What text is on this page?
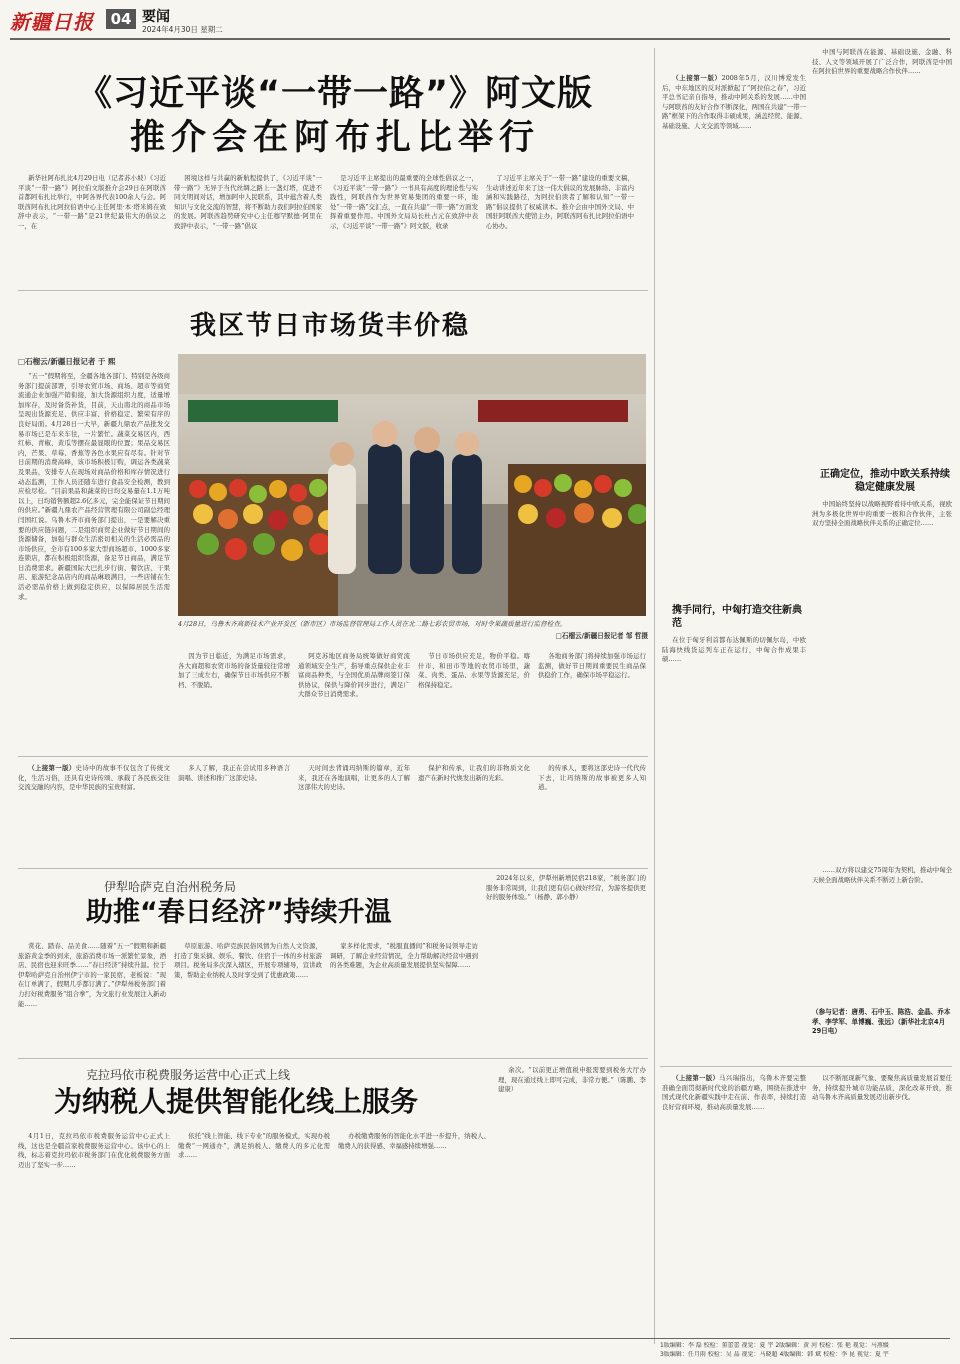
新疆日报	04 要闻
2024年4月30日 星期二
《习近平谈“一带一路”》阿文版
推介会在阿布扎比举行

新华社阿布扎比4月29日电（记者苏小坡）《习近平谈“一带一路”》阿拉伯文版推介会29日在阿联酋首都阿布扎比举行，中阿各界代表100余人与会。阿联酋阿布扎比阿拉伯语中心主任阿里·本·塔米姆在致辞中表示，“一带一路”是21世纪最伟大的倡议之一，在

困境这样与共赢的新航程提供了，《习近平谈“一带一路”》无异于当代丝绸之路上一盏灯塔，促进不同文明间对话，增加阿中人民联系，其中蕴含着人类知识与文化交流的智慧，将不断助力我们阿拉伯国家的发展。阿联酋趋势研究中心主任穆罕默德·阿里在致辞中表示，“一带一路”倡议

是习近平主席提出的最重要的全球性倡议之一，《习近平谈“一带一路”》一书具有高度的理论性与实践性，阿联酋作为世界贸易集团的重要一环，地处“一带一路”交汇点，一直在共建“一带一路”方面发挥着重要作用。中国外文局局长杜占元在致辞中表示，《习近平谈“一带一路”》阿文版，收录

了习近平主席关于“一带一路”建设的重要文稿，生动讲述近年来了这一伟大倡议的发展脉络、丰富内涵和实践路径，为阿拉伯读者了解和认知“一带一路”倡议提供了权威读本。推介会由中国外文局、中国驻阿联酋大使馆主办，阿联酋阿布扎比阿拉伯语中心协办。

我区节日市场货丰价稳
□石榴云/新疆日报记者 于 熙

“五一”假期将至，全疆各地各部门、特别是各级商务部门提前部署，引导农贸市场、商场、超市等商贸流通企业加强产销衔接，加大货源组织力度，适量增加库存，及时备货补货，目前，天山南北的商品市场呈现出货源充足、供应丰富、价格稳定、繁荣有序的良好局面。4月28日一大早，新疆九鼎农产品批发交易市场已是车来车往，一片繁忙。蔬菜交易区内，西红柿、青椒、黄瓜等摆在最显眼的位置；果品交易区内，芒果、草莓、香蕉等各色水果应有尽有。针对节日前期的消费高峰，该市场积极订购，调运各类蔬菜及果品，安排专人在现场对商品价格和库存情况进行动态监测，工作人员还随车进行食品安全检测，教到应检尽检。“目前果品和蔬菜的日均交易量在1.1万吨以上，日均销售额超2.6亿多元，完全能保证节日期间的供应。”新疆九鼎农产品经营管理有限公司副总经理闫国红说。乌鲁木齐市商务部门提出，一是要解决重要的供应链问题，二是组织商贸企业做好节日期间的货源储备，加强与群众生活密切相关的生活必需品的市场供应，全市有100多家大型商场超市、1000多家连锁店，都在积极组织货源，备足节日商品，满足节日消费需求。新疆国际大巴扎步行街、餐饮店、干果店、旅游纪念品店内的商品琳琅满目，一些店铺在生活必需品价格上做到稳定供应，以保障居民生活需求。

4月28日，乌鲁木齐高新技术产业开发区（新市区）市场监督管理局工作人员在北二路七彩农贸市场，对时令果蔬质量进行监督检查。
□石榴云/新疆日报记者 邹 哲摄

因为节日临近，为满足市场需求，各大商超和农贸市场的备货量较往常增加了三成左右，确保节日市场供应不断档、不脱销。

阿克苏地区商务局统筹做好商贸流通领域安全生产，指导重点保供企业丰富商品种类，与全国优质品牌商签订保供协议，保供与降价同步进行，满足广大群众节日消费需求。

节日市场供应充足，物价平稳。喀什市、和田市等地的农贸市场里，蔬菜、肉类、蛋品、水果等货源充足，价格保持稳定。

各地商务部门将持续加强市场运行监测，做好节日期间重要民生商品保供稳价工作，确保市场平稳运行。

（上接第一版）史诗中的故事不仅包含了传统文化，生活习俗，还具有史诗传颂、承载了各民族交往交流交融的内容，是中华民族的宝贵财富。

多人了解，我正在尝试用多种语言演唱、讲述和推广这部史诗。

天时间去背诵玛纳斯的篇章，近年来，我还在各地演唱，让更多的人了解这部伟大的史诗。

保护和传承，让我们的非物质文化遗产在新时代焕发出新的光彩。

的传承人，要将这部史诗一代代传下去，让玛纳斯的故事被更多人知道。

伊犁哈萨克自治州税务局
助推“春日经济”持续升温

赏花、踏春、品美食……随着“五一”假期和新疆旅游黄金季的到来，旅游消费市场一派繁忙景象，酒店、民宿也迎来旺季……“春日经济”持续升温。位于伊犁哈萨克自治州伊宁市的一家民宿，老板说：“现在订单满了，假期几乎都订满了。”伊犁州税务部门着力打好税费服务“组合拳”，为文旅行业发展注入新动能……

草原旅游、哈萨克族民俗风情为自然人文资源，打造了集采摘、娱乐、餐饮、住宿于一体的乡村旅游项目。税务局多次深入辖区，开展专项辅导，宣讲政策，帮助企业纳税人及时享受到了优惠政策……

家多样化需求，“税服直播间”和税务局领导走访调研，了解企业经营情况，全力帮助解决经营中遇到的各类难题，为企业高质量发展提供坚实保障……

2024年以来，伊犁州新增民宿218家，“税务部门的服务非常周到，让我们更有信心做好经营，为游客提供更好的服务体验。”（杨静、郭小静）

克拉玛依市税费服务运营中心正式上线
为纳税人提供智能化线上服务

4月1日，克拉玛依市税费服务运营中心正式上线，这也是全疆首家税费服务运营中心。该中心的上线，标志着克拉玛依市税务部门在优化税费服务方面迈出了坚实一步……

依托“线上智能、线下专业”的服务模式，实现办税缴费“一网通办”，满足纳税人、缴费人的多元化需求……

办税缴费服务的智能化水平进一步提升，纳税人、缴费人的获得感、幸福感持续增强……

余次。“以前更正增值税申报需要到税务大厅办理，现在通过线上即可完成，非常方便。”（陈鹏、李建康）

（上接第一版）2008年5月，汉川博爱发生后，中东地区的反对派掀起了“阿拉伯之春”，习近平总书记亲自指导，推动中阿关系的发展……中国与阿联酋的友好合作不断深化，两国在共建“一带一路”框架下的合作取得丰硕成果，涵盖经贸、能源、基础设施、人文交流等领域……

中国与阿联酋在能源、基础设施、金融、科技、人文等领域开展了广泛合作，阿联酋是中国在阿拉伯世界的重要战略合作伙伴……

正确定位，推动中欧关系持续稳定健康发展

中国始终坚持以战略视野看待中欧关系，视欧洲为多极化世界中的重要一极和合作伙伴，主张双方坚持全面战略伙伴关系的正确定位……

携手同行，中匈打造交往新典范

在位于匈牙利首都布达佩斯的切佩尔岛，中欧陆海快线货运列车正在运行，中匈合作成果丰硕……

……双方将以建交75周年为契机，推动中匈全天候全面战略伙伴关系不断迈上新台阶。

（参与记者：唐勇、石中玉、陈浩、金晶、乔本孝、李学军、单博巍、张远）（新华社北京4月29日电）

（上接第一版）马兴瑞指出，乌鲁木齐要完整准确全面贯彻新时代党的治疆方略，围绕在推进中国式现代化新疆实践中走在前、作表率，持续打造良好营商环境，推动高质量发展……

以不断展现新气象、要聚焦高质量发展首要任务，持续提升城市功能品质，深化改革开放，推动乌鲁木齐高质量发展迈出新步伐。

1版编辑：李 磊 校检：董蕾蕾 视觉：夏 宇 2版编辑：黄 河 校检：张 艳 视觉：马燕媛
3版编辑：任月雨 校检：吴 晶 视觉：马晓超 4版编辑：韩 斌 校检：李 昆 视觉：夏 宇
